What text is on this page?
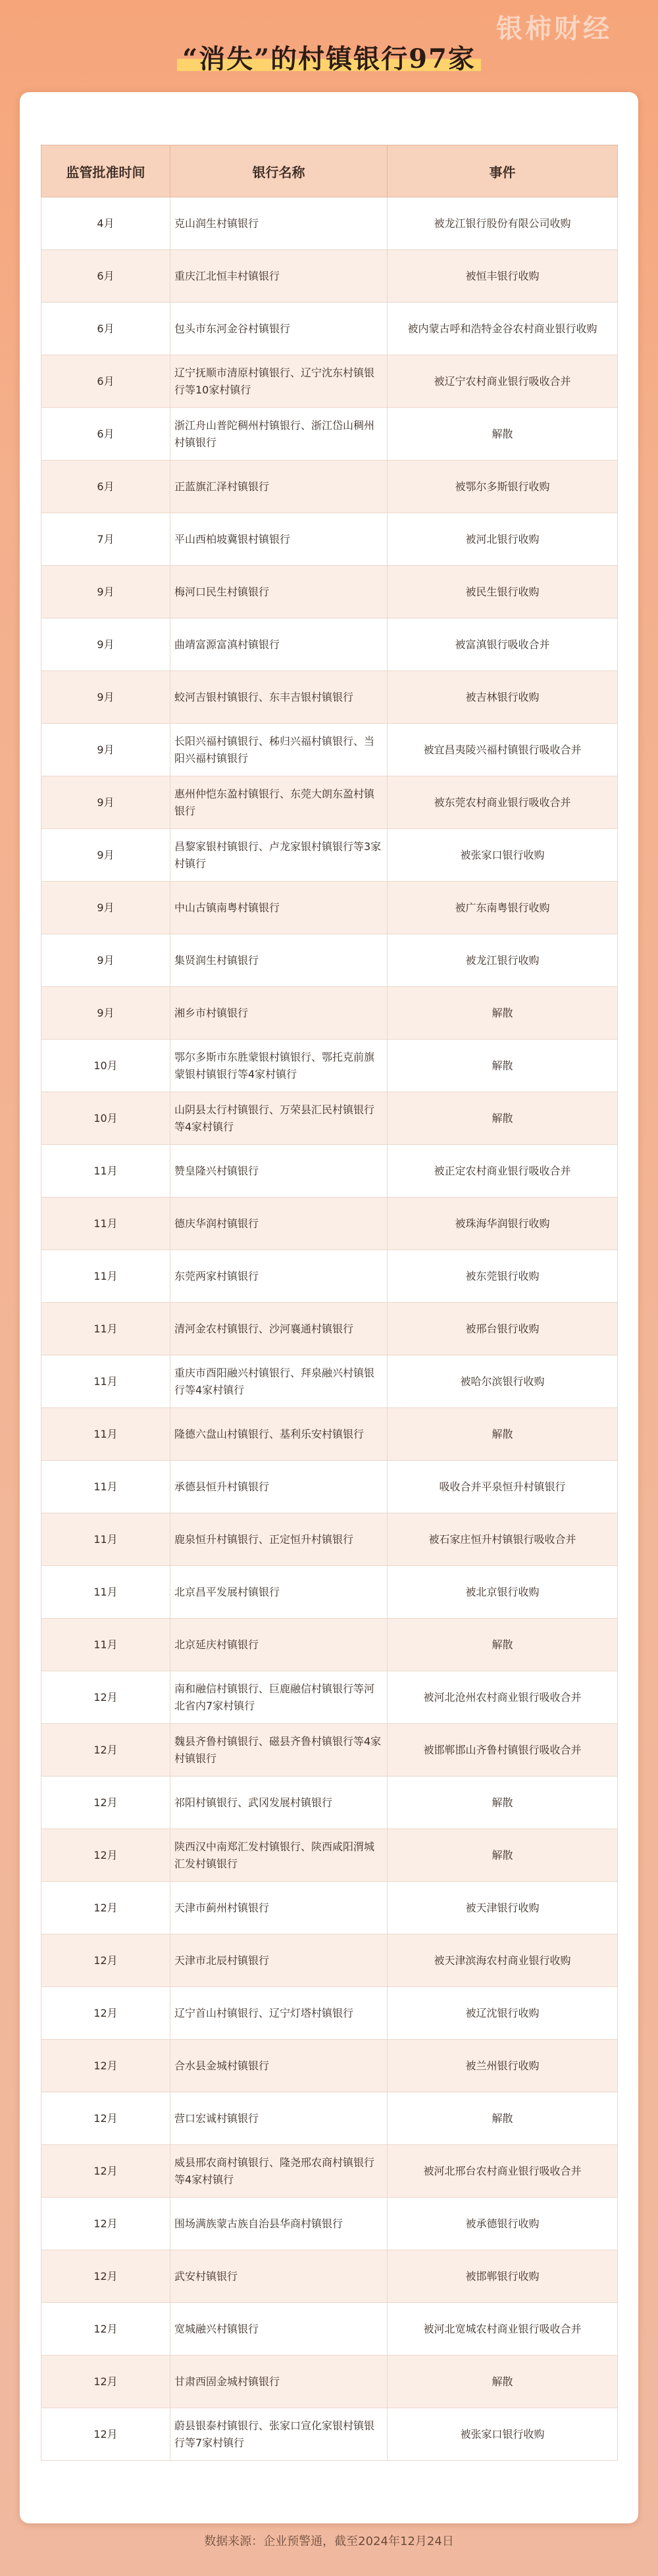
银柿财经
“消失”的村镇银行97家
监管批准时间	银行名称	事件
4月	克山润生村镇银行	被龙江银行股份有限公司收购
6月	重庆江北恒丰村镇银行	被恒丰银行收购
6月	包头市东河金谷村镇银行	被内蒙古呼和浩特金谷农村商业银行收购
6月	辽宁抚顺市清原村镇银行、辽宁沈东村镇银行等10家村镇行	被辽宁农村商业银行吸收合并
6月	浙江舟山普陀稠州村镇银行、浙江岱山稠州村镇银行	解散
6月	正蓝旗汇泽村镇银行	被鄂尔多斯银行收购
7月	平山西柏坡冀银村镇银行	被河北银行收购
9月	梅河口民生村镇银行	被民生银行收购
9月	曲靖富源富滇村镇银行	被富滇银行吸收合并
9月	蛟河吉银村镇银行、东丰吉银村镇银行	被吉林银行收购
9月	长阳兴福村镇银行、秭归兴福村镇银行、当阳兴福村镇银行	被宜昌夷陵兴福村镇银行吸收合并
9月	惠州仲恺东盈村镇银行、东莞大朗东盈村镇银行	被东莞农村商业银行吸收合并
9月	昌黎家银村镇银行、卢龙家银村镇银行等3家村镇行	被张家口银行收购
9月	中山古镇南粤村镇银行	被广东南粤银行收购
9月	集贤润生村镇银行	被龙江银行收购
9月	湘乡市村镇银行	解散
10月	鄂尔多斯市东胜蒙银村镇银行、鄂托克前旗蒙银村镇银行等4家村镇行	解散
10月	山阴县太行村镇银行、万荣县汇民村镇银行等4家村镇行	解散
11月	赞皇隆兴村镇银行	被正定农村商业银行吸收合并
11月	德庆华润村镇银行	被珠海华润银行收购
11月	东莞两家村镇银行	被东莞银行收购
11月	清河金农村镇银行、沙河襄通村镇银行	被邢台银行收购
11月	重庆市酉阳融兴村镇银行、拜泉融兴村镇银行等4家村镇行	被哈尔滨银行收购
11月	隆德六盘山村镇银行、基利乐安村镇银行	解散
11月	承德县恒升村镇银行	吸收合并平泉恒升村镇银行
11月	鹿泉恒升村镇银行、正定恒升村镇银行	被石家庄恒升村镇银行吸收合并
11月	北京昌平发展村镇银行	被北京银行收购
11月	北京延庆村镇银行	解散
12月	南和融信村镇银行、巨鹿融信村镇银行等河北省内7家村镇行	被河北沧州农村商业银行吸收合并
12月	魏县齐鲁村镇银行、磁县齐鲁村镇银行等4家村镇银行	被邯郸邯山齐鲁村镇银行吸收合并
12月	祁阳村镇银行、武冈发展村镇银行	解散
12月	陕西汉中南郑汇发村镇银行、陕西咸阳渭城汇发村镇银行	解散
12月	天津市蓟州村镇银行	被天津银行收购
12月	天津市北辰村镇银行	被天津滨海农村商业银行收购
12月	辽宁首山村镇银行、辽宁灯塔村镇银行	被辽沈银行收购
12月	合水县金城村镇银行	被兰州银行收购
12月	营口宏诚村镇银行	解散
12月	威县邢农商村镇银行、隆尧邢农商村镇银行等4家村镇行	被河北邢台农村商业银行吸收合并
12月	围场满族蒙古族自治县华商村镇银行	被承德银行收购
12月	武安村镇银行	被邯郸银行收购
12月	宽城融兴村镇银行	被河北宽城农村商业银行吸收合并
12月	甘肃西固金城村镇银行	解散
12月	蔚县银泰村镇银行、张家口宣化家银村镇银行等7家村镇行	被张家口银行收购
数据来源：企业预警通，截至2024年12月24日
